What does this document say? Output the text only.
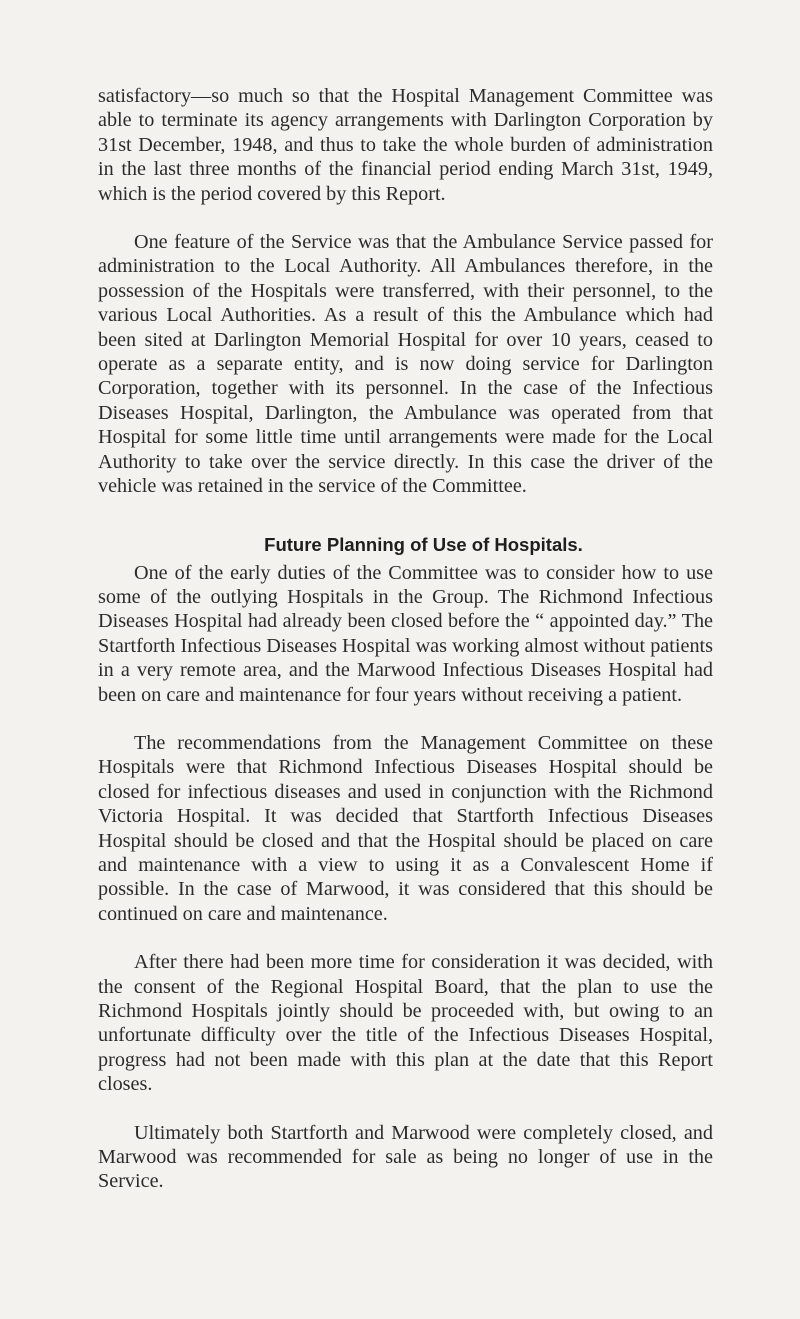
satisfactory—so much so that the Hospital Management Committee was able to terminate its agency arrangements with Darlington Corporation by 31st December, 1948, and thus to take the whole burden of administration in the last three months of the financial period ending March 31st, 1949, which is the period covered by this Report.

One feature of the Service was that the Ambulance Service passed for administration to the Local Authority. All Ambulances therefore, in the possession of the Hospitals were transferred, with their personnel, to the various Local Authorities. As a result of this the Ambulance which had been sited at Darlington Memorial Hospital for over 10 years, ceased to operate as a separate entity, and is now doing service for Darlington Corporation, together with its personnel. In the case of the Infectious Diseases Hospital, Darlington, the Ambulance was operated from that Hospital for some little time until arrangements were made for the Local Authority to take over the service directly. In this case the driver of the vehicle was retained in the service of the Committee.

Future Planning of Use of Hospitals.

One of the early duties of the Committee was to consider how to use some of the outlying Hospitals in the Group. The Richmond Infectious Diseases Hospital had already been closed before the “ appointed day.” The Startforth Infectious Diseases Hospital was working almost without patients in a very remote area, and the Marwood Infectious Diseases Hospital had been on care and maintenance for four years without receiving a patient.

The recommendations from the Management Committee on these Hospitals were that Richmond Infectious Diseases Hospital should be closed for infectious diseases and used in conjunction with the Richmond Victoria Hospital. It was decided that Startforth Infectious Diseases Hospital should be closed and that the Hospital should be placed on care and maintenance with a view to using it as a Convalescent Home if possible. In the case of Marwood, it was considered that this should be continued on care and maintenance.

After there had been more time for consideration it was decided, with the consent of the Regional Hospital Board, that the plan to use the Richmond Hospitals jointly should be proceeded with, but owing to an unfortunate difficulty over the title of the Infectious Diseases Hospital, progress had not been made with this plan at the date that this Report closes.

Ultimately both Startforth and Marwood were completely closed, and Marwood was recommended for sale as being no longer of use in the Service.
